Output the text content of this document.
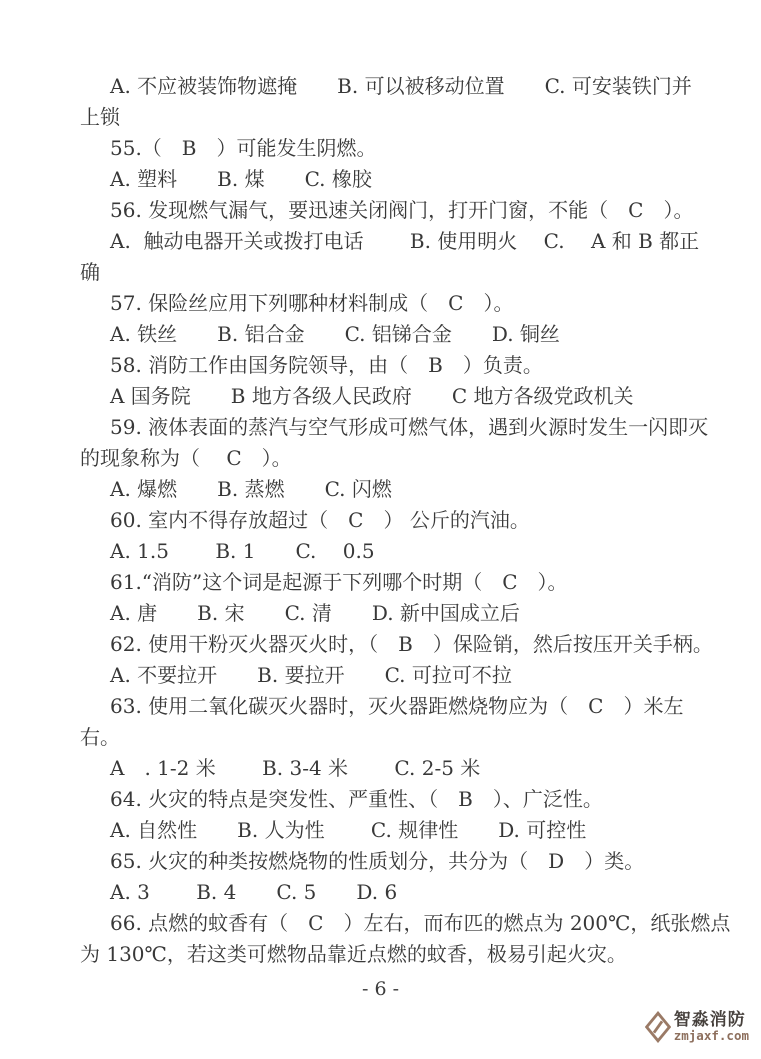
A. 不应被装饰物遮掩　　B. 可以被移动位置　　C. 可安装铁门并
上锁
55.（　B　）可能发生阴燃。
A. 塑料　　B. 煤　　C. 橡胶
56. 发现燃气漏气，要迅速关闭阀门，打开门窗，不能（　C　）。
A.  触动电器开关或拨打电话　　 B. 使用明火　 C.　 A 和 B 都正
确
57. 保险丝应用下列哪种材料制成（　C　）。
A. 铁丝　　B. 铝合金　　C. 铝锑合金　　D. 铜丝
58. 消防工作由国务院领导，由（　B　）负责。
A 国务院　　B 地方各级人民政府　　C 地方各级党政机关
59. 液体表面的蒸汽与空气形成可燃气体，遇到火源时发生一闪即灭
的现象称为（　 C　）。
A. 爆燃　　B. 蒸燃　　C. 闪燃
60. 室内不得存放超过（　C　） 公斤的汽油。
A. 1.5　　 B. 1　　C.　 0.5
61.“消防”这个词是起源于下列哪个时期（　C　）。
A. 唐　　B. 宋　　C. 清　　D. 新中国成立后
62. 使用干粉灭火器灭火时，（　B　）保险销，然后按压开关手柄。
A. 不要拉开　　B. 要拉开　　C. 可拉可不拉
63. 使用二氧化碳灭火器时，灭火器距燃烧物应为（　C　）米左
右。
A　. 1-2 米　　 B. 3-4 米　　 C. 2-5 米
64. 火灾的特点是突发性、严重性、（　B　）、广泛性。
A. 自然性　　B. 人为性　　 C. 规律性　　D. 可控性
65. 火灾的种类按燃烧物的性质划分，共分为（　D　）类。
A. 3　　 B. 4　　C. 5　　D. 6
66. 点燃的蚊香有（　C　）左右，而布匹的燃点为 200℃，纸张燃点
为 130℃，若这类可燃物品靠近点燃的蚊香，极易引起火灾。
- 6 -
智淼消防
zmjaxf.com
